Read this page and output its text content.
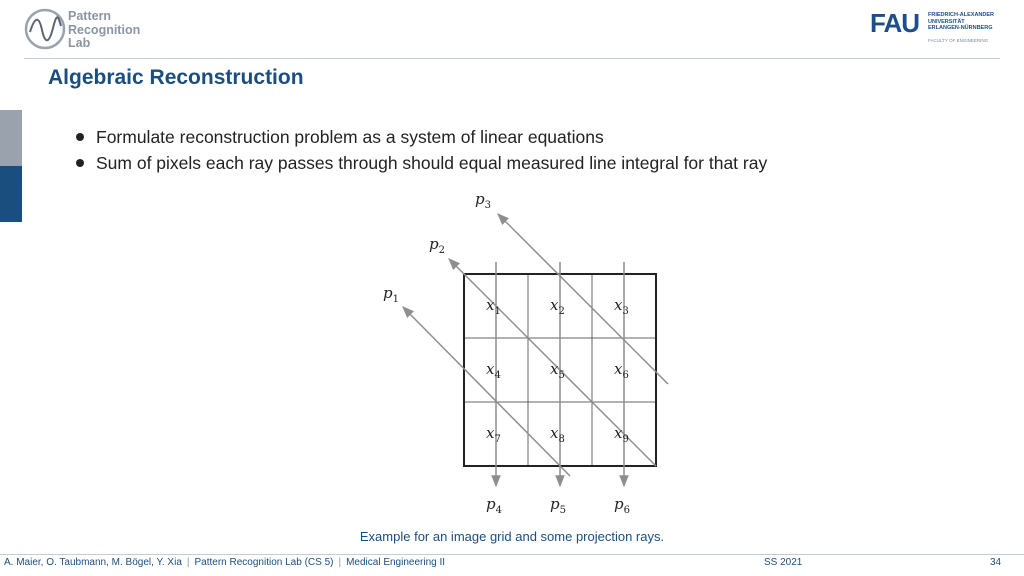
Pattern
Recognition
Lab
FAU FRIEDRICH-ALEXANDER
UNIVERSITÄT
ERLANGEN-NÜRNBERG
FACULTY OF ENGINEERING
Algebraic Reconstruction
Formulate reconstruction problem as a system of linear equations
Sum of pixels each ray passes through should equal measured line integral for that ray
$x_1$	$x_2$	$x_3$
$x_4$	$x_5$	$x_6$
$x_7$	$x_8$	$x_9$
$p_1$
$p_2$
$p_3$
$p_4$	$p_5$	$p_6$
Example for an image grid and some projection rays.
A. Maier, O. Taubmann, M. Bögel, Y. Xia | Pattern Recognition Lab (CS 5) | Medical Engineering II	SS 2021	34
